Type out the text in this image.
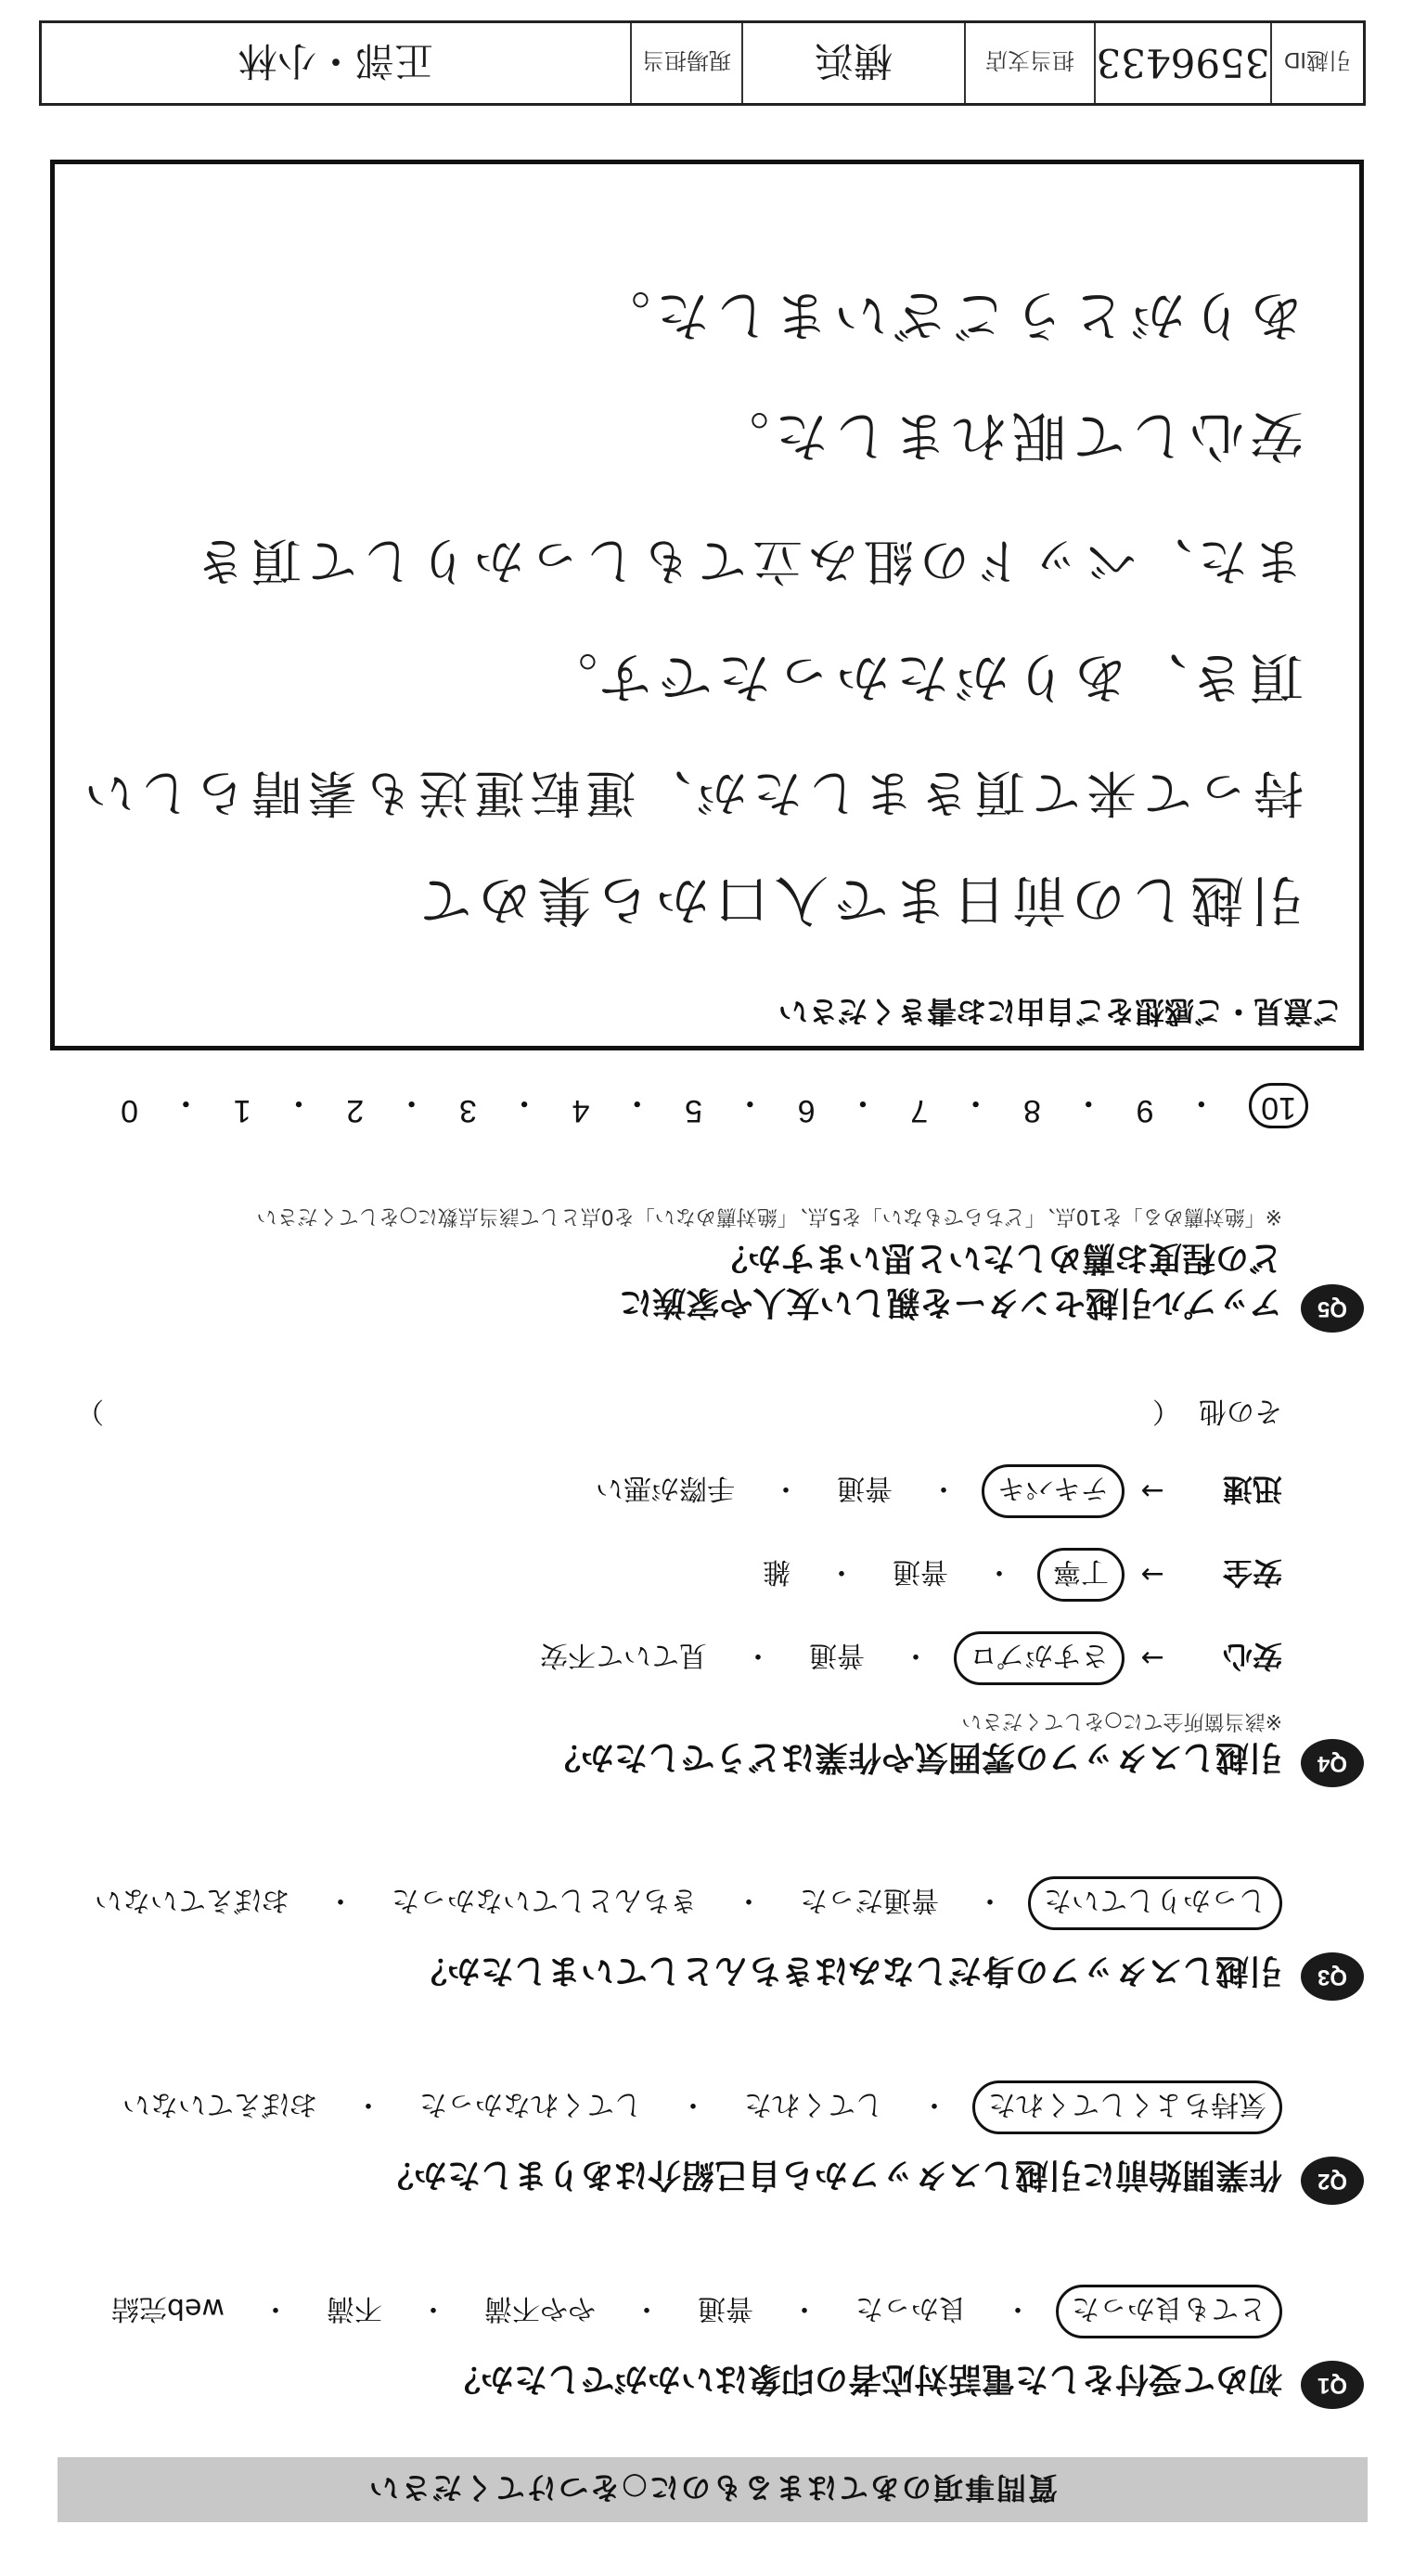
引越ID
3596433
担当支店
横浜
現場担当
正部・小林
質問事項のあてはまるものに○をつけてください
Q1
初めて受付をした電話対応者の印象はいかがでしたか？
とても良かった
・
良かった
・
普通
・
やや不満
・
不満
・
web完結
Q2
作業開始前に引越しスタッフから自己紹介はありましたか？
気持ちよくしてくれた
・
してくれた
・
してくれなかった
・
おぼえていない
Q3
引越しスタッフの身だしなみはきちんとしていましたか？
しっかりしていた
・
普通だった
・
きちんとしていなかった
・
おぼえていない
Q4
引越しスタッフの雰囲気や作業はどうでしたか？
※該当箇所全てに○をしてください
安心
→
さすがプロ
・
普通
・
見ていて不安
安全
→
丁寧
・
普通
・
雑
迅速
→
テキパキ
・
普通
・
手際が悪い
その他
（
）
Q5
アップル引越センターを親しい友人や家族に
どの程度お薦めしたいと思いますか？
※「絶対薦める」を10点、「どちらでもない」を5点、「絶対薦めない」を0点として該当点数に○をしてください
10
・
9
・
8
・
7
・
6
・
5
・
4
・
3
・
2
・
1
・
0
ご意見・ご感想をご自由にお書きください
引越しの前日まで入口から集めて
持って来て頂きましたが、運転運送も素晴らしい
頂き、ありがたかったです。
また、ベッドの組み立てもしっかりして頂き
安心して眠れました。
ありがとうございました。
